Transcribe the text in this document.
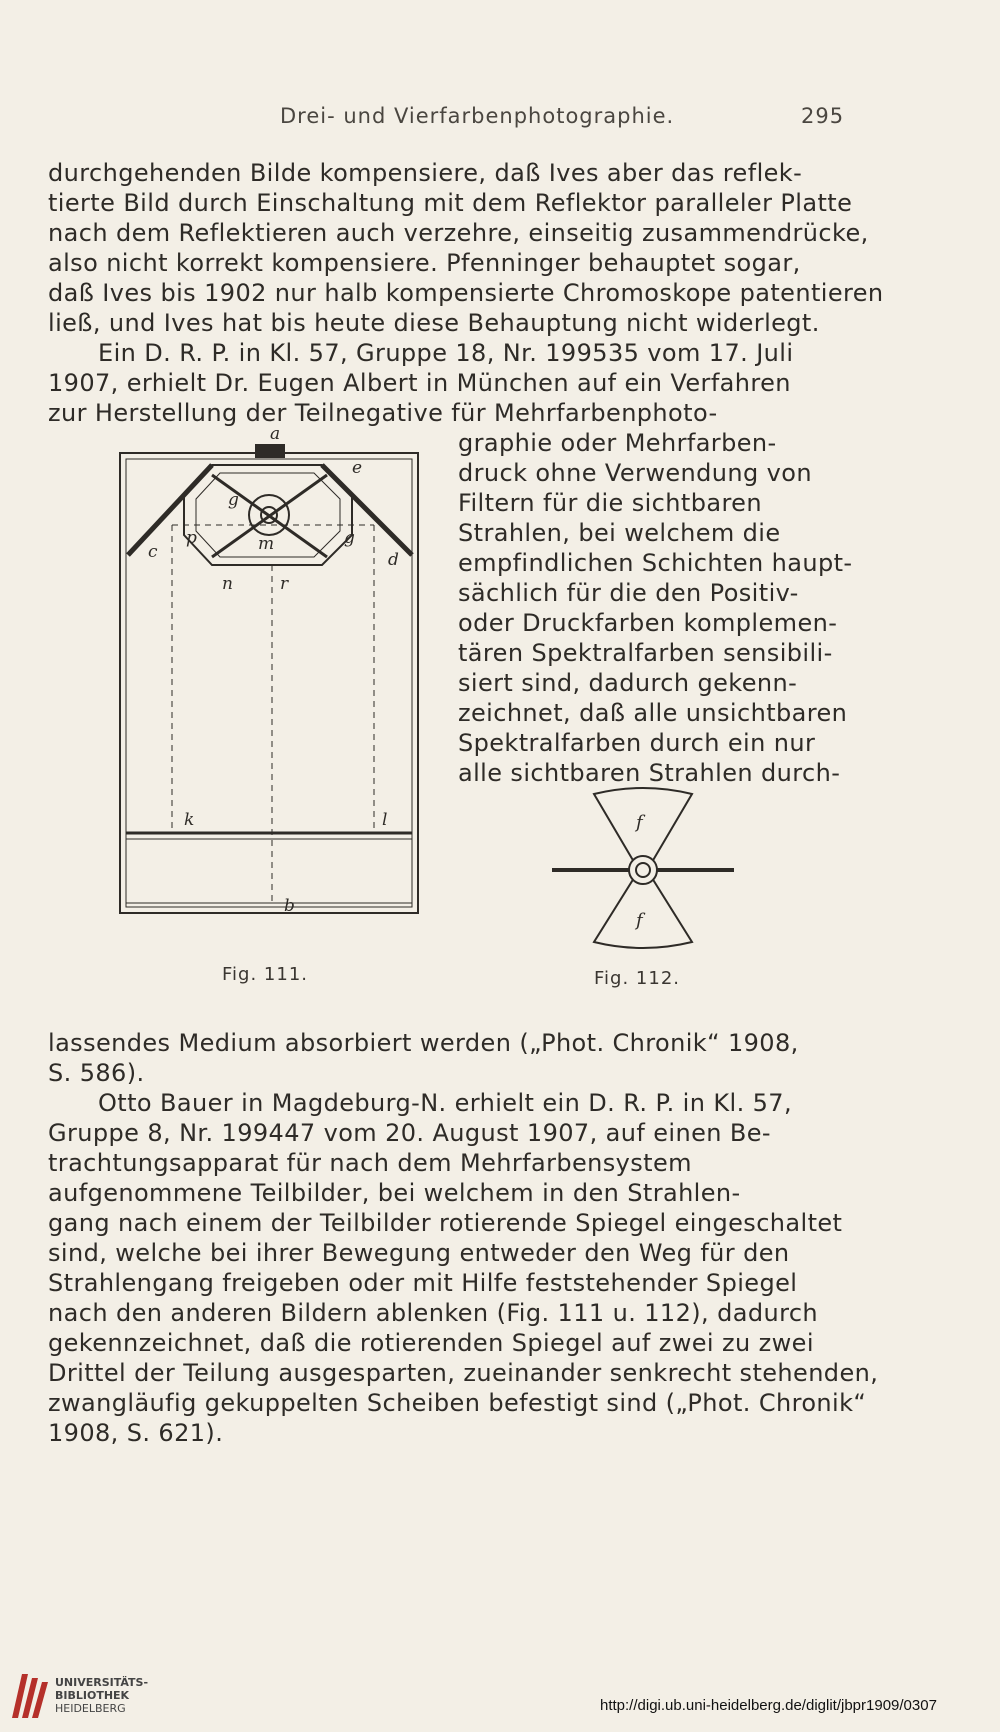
Drei- und Vierfarbenphotographie.	295
durchgehenden Bilde kompensiere, daß Ives aber das reflek-
tierte Bild durch Einschaltung mit dem Reflektor paralleler Platte
nach dem Reflektieren auch verzehre, einseitig zusammendrücke,
also nicht korrekt kompensiere. Pfenninger behauptet sogar,
daß Ives bis 1902 nur halb kompensierte Chromoskope patentieren
ließ, und Ives hat bis heute diese Behauptung nicht widerlegt.
Ein D. R. P. in Kl. 57, Gruppe 18, Nr. 199535 vom 17. Juli
1907, erhielt Dr. Eugen Albert in München auf ein Verfahren
zur Herstellung der Teilnegative für Mehrfarbenphoto-
graphie oder Mehrfarben-
druck ohne Verwendung von
Filtern für die sichtbaren
Strahlen, bei welchem die
empfindlichen Schichten haupt-
sächlich für die den Positiv-
oder Druckfarben komplemen-
tären Spektralfarben sensibili-
siert sind, dadurch gekenn-
zeichnet, daß alle unsichtbaren
Spektralfarben durch ein nur
alle sichtbaren Strahlen durch-
a
e
g
g
p	m
c	d
n	r
k	l
b
Fig. 111.
f
f
Fig. 112.
lassendes Medium absorbiert werden („Phot. Chronik“ 1908,
S. 586).
Otto Bauer in Magdeburg-N. erhielt ein D. R. P. in Kl. 57,
Gruppe 8, Nr. 199447 vom 20. August 1907, auf einen Be-
trachtungsapparat für nach dem Mehrfarbensystem
aufgenommene Teilbilder, bei welchem in den Strahlen-
gang nach einem der Teilbilder rotierende Spiegel eingeschaltet
sind, welche bei ihrer Bewegung entweder den Weg für den
Strahlengang freigeben oder mit Hilfe feststehender Spiegel
nach den anderen Bildern ablenken (Fig. 111 u. 112), dadurch
gekennzeichnet, daß die rotierenden Spiegel auf zwei zu zwei
Drittel der Teilung ausgesparten, zueinander senkrecht stehenden,
zwangläufig gekuppelten Scheiben befestigt sind („Phot. Chronik“
1908, S. 621).
UNIVERSITÄTS-
BIBLIOTHEK
HEIDELBERG	http://digi.ub.uni-heidelberg.de/diglit/jbpr1909/0307
